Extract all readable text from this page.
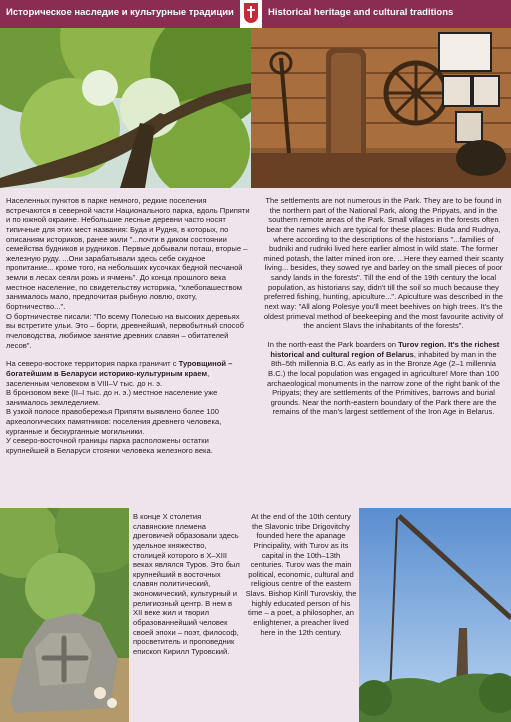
Историческое наследие и культурные традиции	Historical heritage and cultural traditions

Населенных пунктов в парке немного, редкие поселения встречаются в северной части Национального парка, вдоль Припяти и по южной окраине. Небольшие лесные деревни часто носят типичные для этих мест названия: Буда и Рудня, в которых, по описаниям историков, ранее жили "...почти в диком состоянии семейства будников и рудников. Первые добывали поташ, вторые – железную руду. ...Они зарабатывали здесь себе скудное пропитание... кроме того, на небольших кусочках бедной песчаной земли в лесах сеяли рожь и ячмень". До конца прошлого века местное население, по свидетельству историка, "хлебопашеством занималось мало, предпочитая рыбную ловлю, охоту, бортничество...".

О бортничестве писали: "По всему Полесью на высоких деревьях вы встретите ульи. Это – борти, древнейший, первобытный способ пчеловодства, любимое занятие древних славян – обитателей лесов".

На северо-востоке территория парка граничит с Туровщиной – богатейшим в Беларуси историко-культурным краем, заселенным человеком в VIII–V тыс. до н. э.

В бронзовом веке (II–I тыс. до н. э.) местное население уже занималось земледелием.

В узкой полосе правобережья Припяти выявлено более 100 археологических памятников: поселения древнего человека, курганные и бескурганные могильники.

У северо-восточной границы парка расположены остатки крупнейшей в Беларуси стоянки человека железного века.

The settlements are not numerous in the Park. They are to be found in the northern part of the National Park, along the Pripyats, and in the southern remote areas of the Park. Small villages in the forests often bear the names which are typical for these places: Buda and Rudnya, where according to the descriptions of the historians "...families of budniki and rudniki lived here earlier almost in wild state. The former mined potash, the latter mined iron ore. ...Here they earned their scanty living... besides, they sowed rye and barley on the small pieces of poor sandy lands in the forests". Till the end of the 19th century the local population, as historians say, didn't till the soil so much because they preferred fishing, hunting, apiculture...". Apiculture was described in the next way: "All along Polesye you'll meet beehives on high trees. It's the oldest primeval method of beekeeping and the most favourite activity of the ancient Slavs the inhabitants of the forests".

In the north-east the Park boarders on Turov region. It's the richest historical and cultural region of Belarus, inhabited by man in the 8th–5th millennia B.C. As early as in the Bronze Age (2–1 millennia B.C.) the local population was engaged in agriculture! More than 100 archaeological monuments in the narrow zone of the right bank of the Pripyats; they are settlements of the Primitives, barrows and burial grounds. Near the north-eastern boundary of the Park there are the remains of the man's largest settlement of the Iron Age in Belarus.

В конце X столетия славянские племена дреговичей образовали здесь удельное княжество, столицей которого в X–XIII веках являлся Туров. Это был крупнейший в восточных славян политический, экономический, культурный и религиозный центр. В нем в XII веке жил и творил образованнейший человек своей эпохи – поэт, философ, просветитель и проповедник епископ Кирилл Туровский.

At the end of the 10th century the Slavonic tribe Drigovitchy founded here the apanage Principality, with Turov as its capital in the 10th–13th centuries. Turov was the main political, economic, cultural and religious centre of the eastern Slavs. Bishop Kirill Turovskiy, the highly educated person of his time – a poet, a philosopher, an enlightener, a preacher lived here in the 12th century.
